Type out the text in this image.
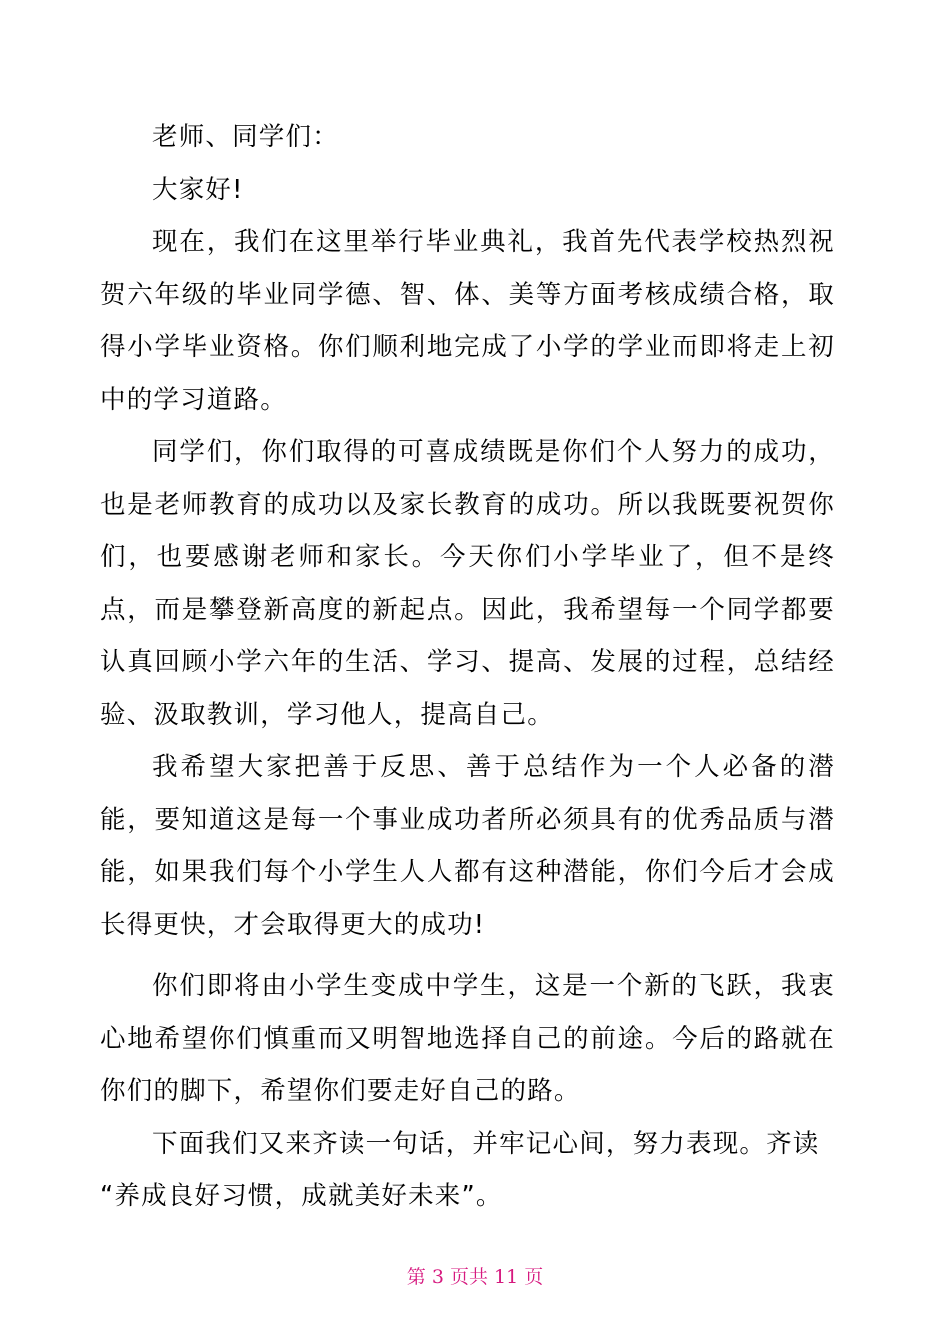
老师、同学们：

大家好!

现在，我们在这里举行毕业典礼，我首先代表学校热烈祝贺六年级的毕业同学德、智、体、美等方面考核成绩合格，取得小学毕业资格。你们顺利地完成了小学的学业而即将走上初中的学习道路。

同学们，你们取得的可喜成绩既是你们个人努力的成功，也是老师教育的成功以及家长教育的成功。所以我既要祝贺你们，也要感谢老师和家长。今天你们小学毕业了，但不是终点，而是攀登新高度的新起点。因此，我希望每一个同学都要认真回顾小学六年的生活、学习、提高、发展的过程，总结经验、汲取教训，学习他人，提高自己。

我希望大家把善于反思、善于总结作为一个人必备的潜能，要知道这是每一个事业成功者所必须具有的优秀品质与潜能，如果我们每个小学生人人都有这种潜能，你们今后才会成长得更快，才会取得更大的成功!

你们即将由小学生变成中学生，这是一个新的飞跃，我衷心地希望你们慎重而又明智地选择自己的前途。今后的路就在你们的脚下，希望你们要走好自己的路。

下面我们又来齐读一句话，并牢记心间，努力表现。齐读

“养成良好习惯，成就美好未来”。

第 3 页共 11 页
